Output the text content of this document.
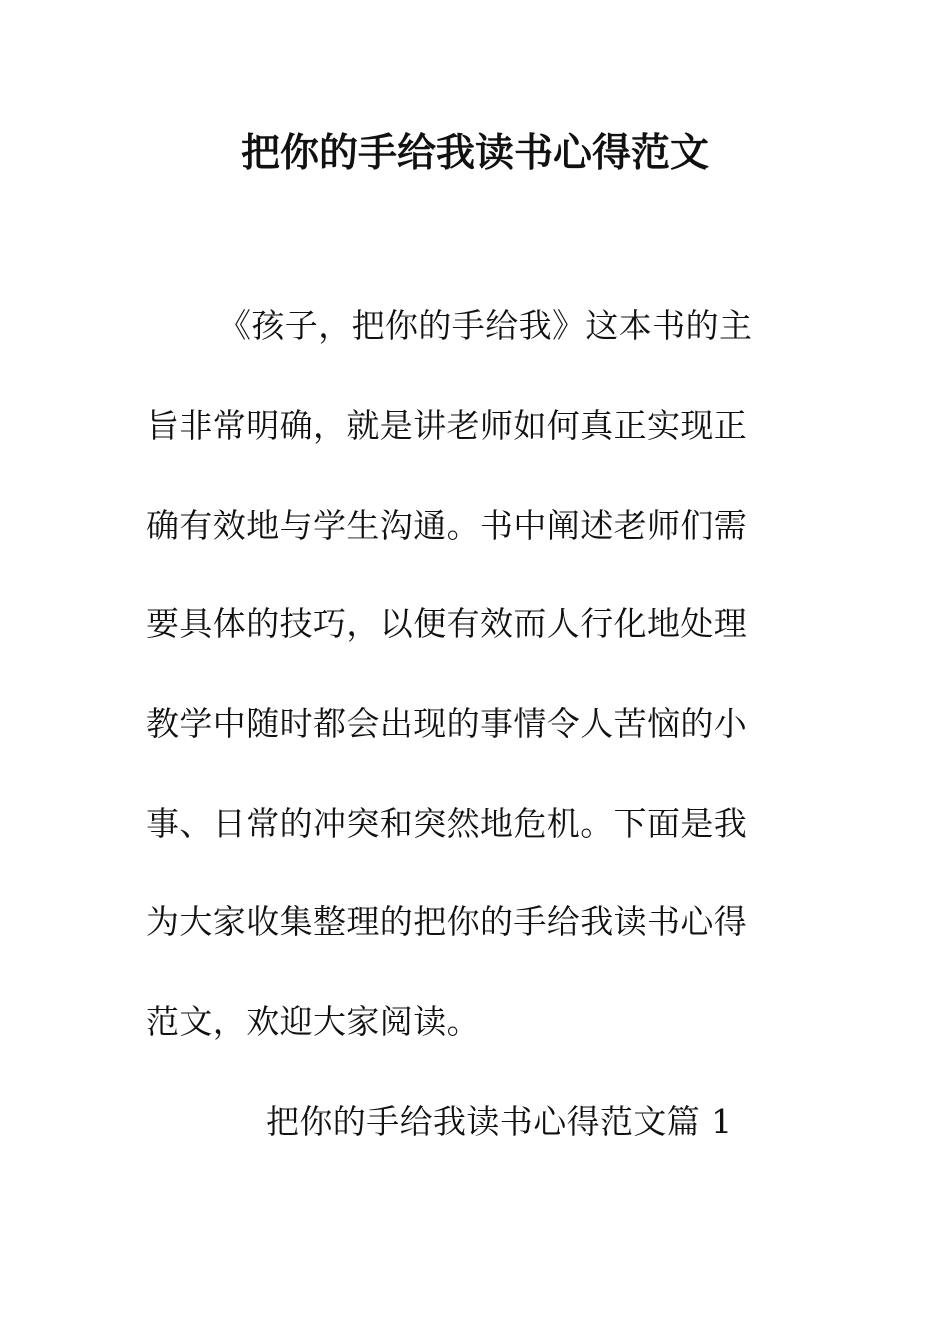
把你的手给我读书心得范文

《孩子，把你的手给我》这本书的主

旨非常明确，就是讲老师如何真正实现正

确有效地与学生沟通。书中阐述老师们需

要具体的技巧，以便有效而人行化地处理

教学中随时都会出现的事情令人苦恼的小

事、日常的冲突和突然地危机。下面是我

为大家收集整理的把你的手给我读书心得

范文，欢迎大家阅读。

把你的手给我读书心得范文篇 1
